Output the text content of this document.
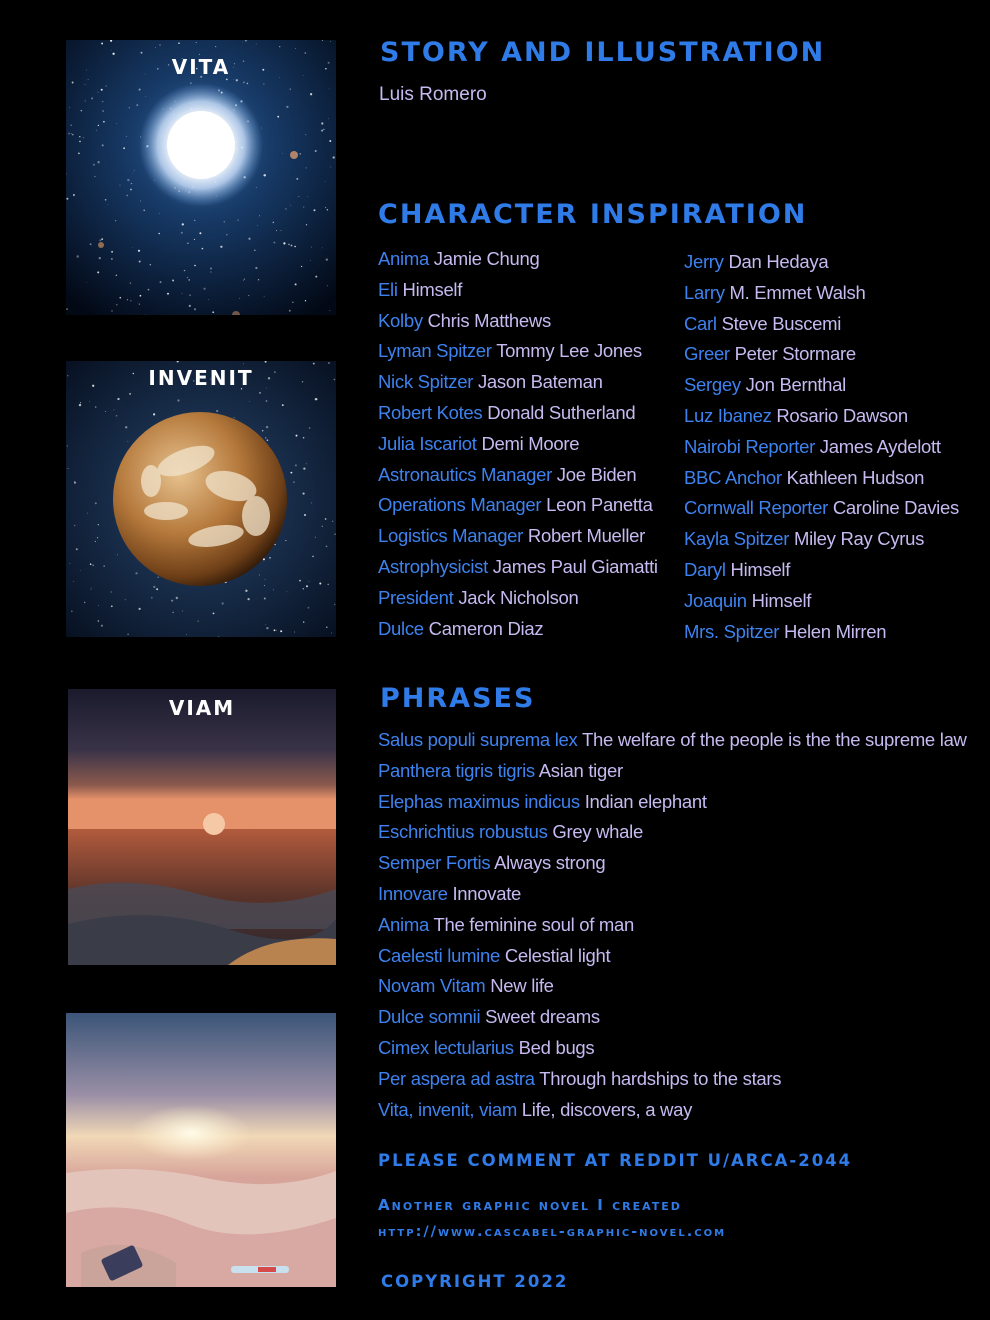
VITA
INVENIT
VIAM
STORY AND ILLUSTRATION
Luis Romero
CHARACTER INSPIRATION
Anima Jamie Chung
Eli Himself
Kolby Chris Matthews
Lyman Spitzer Tommy Lee Jones
Nick Spitzer Jason Bateman
Robert Kotes Donald Sutherland
Julia Iscariot Demi Moore
Astronautics Manager Joe Biden
Operations Manager Leon Panetta
Logistics Manager Robert Mueller
Astrophysicist James Paul Giamatti
President Jack Nicholson
Dulce Cameron Diaz
Jerry Dan Hedaya
Larry M. Emmet Walsh
Carl Steve Buscemi
Greer Peter Stormare
Sergey Jon Bernthal
Luz Ibanez Rosario Dawson
Nairobi Reporter James Aydelott
BBC Anchor Kathleen Hudson
Cornwall Reporter Caroline Davies
Kayla Spitzer Miley Ray Cyrus
Daryl Himself
Joaquin Himself
Mrs. Spitzer Helen Mirren
PHRASES
Salus populi suprema lex The welfare of the people is the the supreme law
Panthera tigris tigris Asian tiger
Elephas maximus indicus Indian elephant
Eschrichtius robustus Grey whale
Semper Fortis Always strong
Innovare Innovate
Anima The feminine soul of man
Caelesti lumine Celestial light
Novam Vitam New life
Dulce somnii Sweet dreams
Cimex lectularius Bed bugs
Per aspera ad astra Through hardships to the stars
Vita, invenit, viam Life, discovers, a way
PLEASE COMMENT AT REDDIT U/ARCA-2044
Another graphic novel I created
http://www.cascabel-graphic-novel.com
COPYRIGHT 2022
